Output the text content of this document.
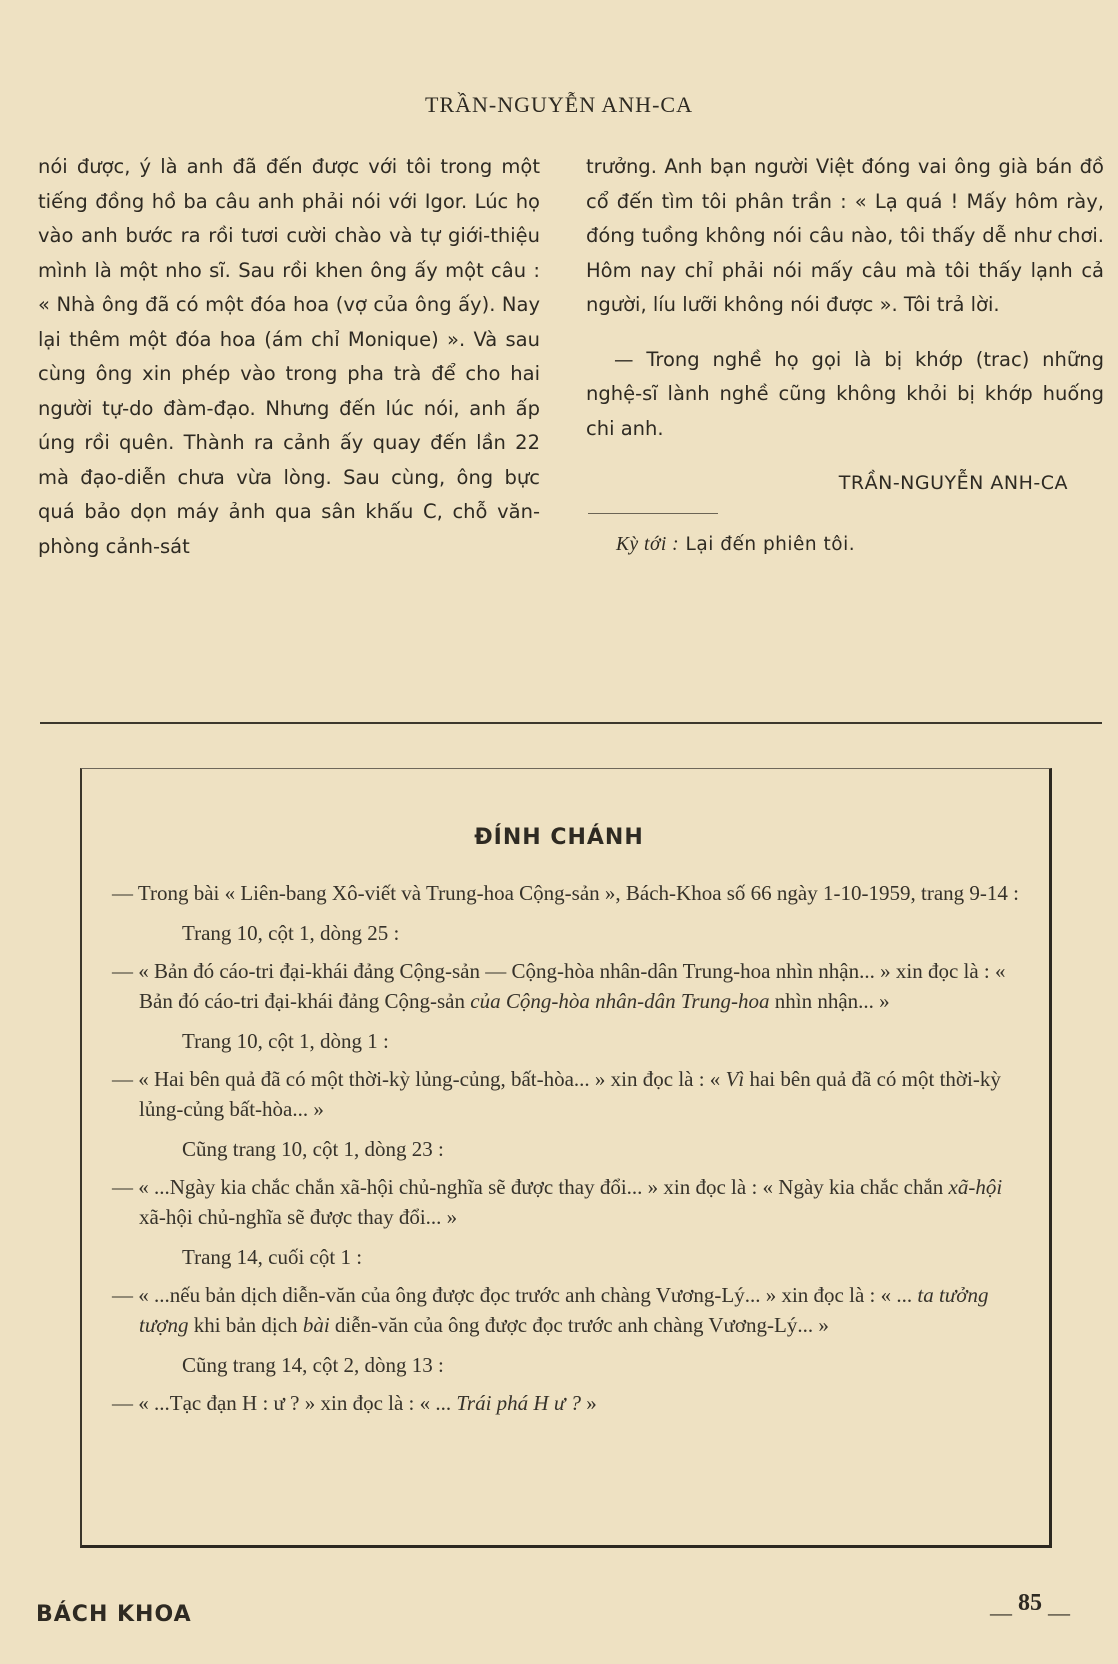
TRẦN-NGUYỄN ANH-CA

nói được, ý là anh đã đến được với tôi trong một tiếng đồng hồ ba câu anh phải nói với Igor. Lúc họ vào anh bước ra rồi tươi cười chào và tự giới-thiệu mình là một nho sĩ. Sau rồi khen ông ấy một câu : « Nhà ông đã có một đóa hoa (vợ của ông ấy). Nay lại thêm một đóa hoa (ám chỉ Monique) ». Và sau cùng ông xin phép vào trong pha trà để cho hai người tự-do đàm-đạo. Nhưng đến lúc nói, anh ấp úng rồi quên. Thành ra cảnh ấy quay đến lần 22 mà đạo-diễn chưa vừa lòng. Sau cùng, ông bực quá bảo dọn máy ảnh qua sân khấu C, chỗ văn-phòng cảnh-sát

trưởng. Anh bạn người Việt đóng vai ông già bán đồ cổ đến tìm tôi phân trần : « Lạ quá ! Mấy hôm rày, đóng tuồng không nói câu nào, tôi thấy dễ như chơi. Hôm nay chỉ phải nói mấy câu mà tôi thấy lạnh cả người, líu lưỡi không nói được ». Tôi trả lời.

— Trong nghề họ gọi là bị khớp (trac) những nghệ-sĩ lành nghề cũng không khỏi bị khớp huống chi anh.

TRẦN-NGUYỄN ANH-CA
Kỳ tới : Lại đến phiên tôi.
ĐÍNH CHÁNH

— Trong bài « Liên-bang Xô-viết và Trung-hoa Cộng-sản », Bách-Khoa số 66 ngày 1-10-1959, trang 9-14 :

Trang 10, cột 1, dòng 25 :

— « Bản đó cáo-tri đại-khái đảng Cộng-sản — Cộng-hòa nhân-dân Trung-hoa nhìn nhận... » xin đọc là : « Bản đó cáo-tri đại-khái đảng Cộng-sản của Cộng-hòa nhân-dân Trung-hoa nhìn nhận... »

Trang 10, cột 1, dòng 1 :

— « Hai bên quả đã có một thời-kỳ lủng-củng, bất-hòa... » xin đọc là : « Vì hai bên quả đã có một thời-kỳ lủng-củng bất-hòa... »

Cũng trang 10, cột 1, dòng 23 :

— « ...Ngày kia chắc chắn xã-hội chủ-nghĩa sẽ được thay đổi... » xin đọc là : « Ngày kia chắc chắn xã-hội xã-hội chủ-nghĩa sẽ được thay đổi... »

Trang 14, cuối cột 1 :

— « ...nếu bản dịch diễn-văn của ông được đọc trước anh chàng Vương-Lý... » xin đọc là : « ... ta tưởng tượng khi bản dịch bài diễn-văn của ông được đọc trước anh chàng Vương-Lý... »

Cũng trang 14, cột 2, dòng 13 :

— « ...Tạc đạn H : ư ? » xin đọc là : « ... Trái phá H ư ? »

BÁCH KHOA	— 85 —
